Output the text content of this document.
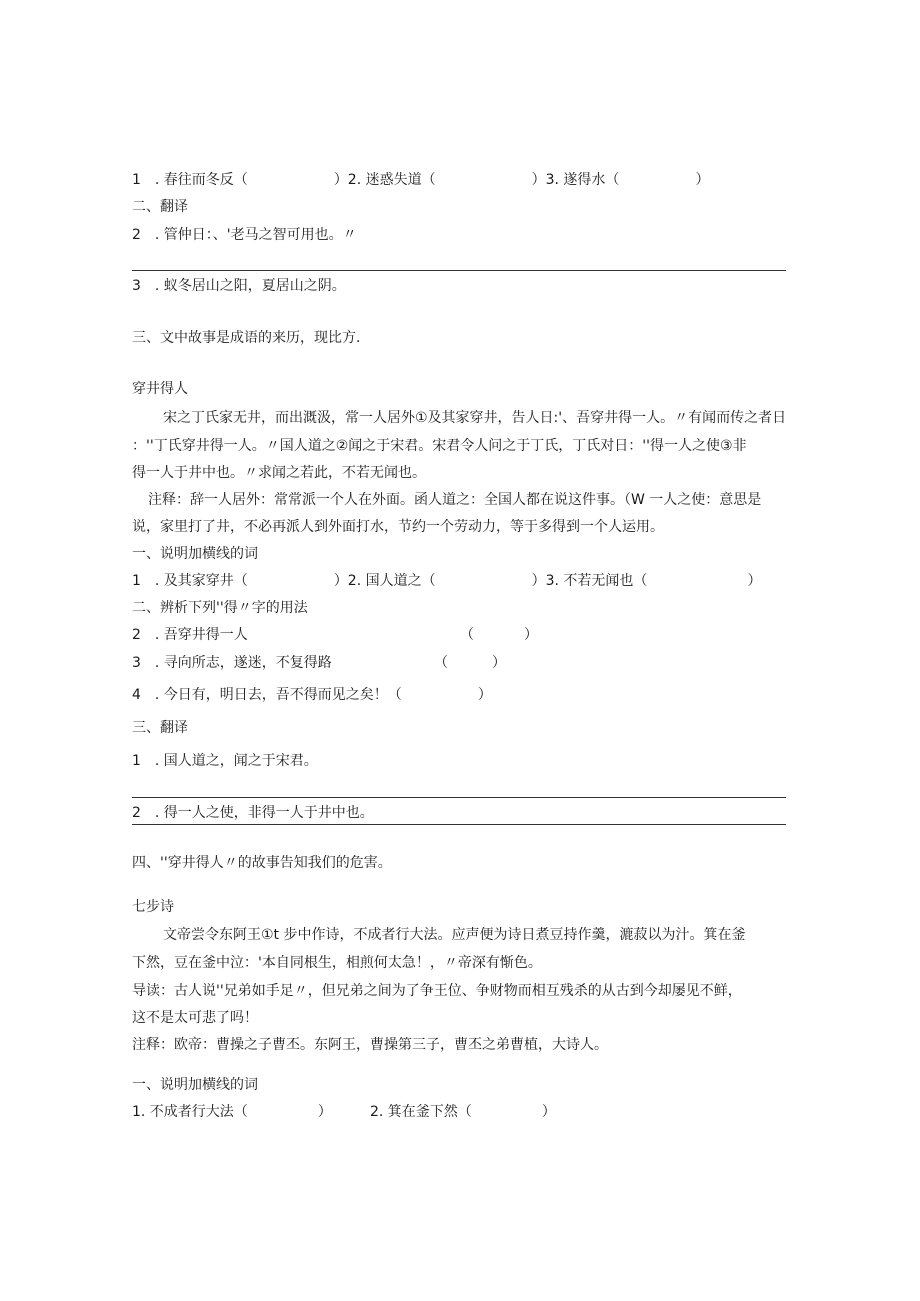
1　. 春往而冬反（	）2. 迷惑失道（	）3. 遂得水（	）
二、翻译
2　. 管仲日：、'老马之智可用也。〃
3　. 蚁冬居山之阳，夏居山之阴。
三、文中故事是成语的来历，现比方.
穿井得人
宋之丁氏家无井，而出溉汲，常一人居外①及其家穿井，告人日:'、吾穿井得一人。〃有闻而传之者日
：''丁氏穿井得一人。〃国人道之②闻之于宋君。宋君令人问之于丁氏，丁氏对日：''得一人之使③非
得一人于井中也。〃求闻之若此，不若无闻也。
注释：辞一人居外：常常派一个人在外面。函人道之：全国人都在说这件事。（W 一人之使：意思是
说，家里打了井，不必再派人到外面打水，节约一个劳动力，等于多得到一个人运用。
一、说明加横线的词
1　. 及其家穿井（	）2. 国人道之（	）3. 不若无闻也（	）
二、辨析下列''得〃字的用法
2　. 吾穿井得一人	（	）
3　. 寻向所志，遂迷，不复得路	（	）
4　. 今日有，明日去，吾不得而见之矣！（	）
三、翻译
1　. 国人道之，闻之于宋君。
2　. 得一人之使，非得一人于井中也。
四、''穿井得人〃的故事告知我们的危害。
七步诗
文帝尝令东阿王①t 步中作诗，不成者行大法。应声便为诗日煮豆持作羹，漉菽以为汁。箕在釜
下然，豆在釜中泣：'本自同根生，相煎何太急！，〃帝深有惭色。
导读：古人说''兄弟如手足〃，但兄弟之间为了争王位、争财物而相互残杀的从古到今却屡见不鲜，
这不是太可悲了吗！
注释：欧帝：曹操之子曹丕。东阿王，曹操第三子，曹丕之弟曹植，大诗人。
一、说明加横线的词
1. 不成者行大法（	）	2. 箕在釜下然（	）
